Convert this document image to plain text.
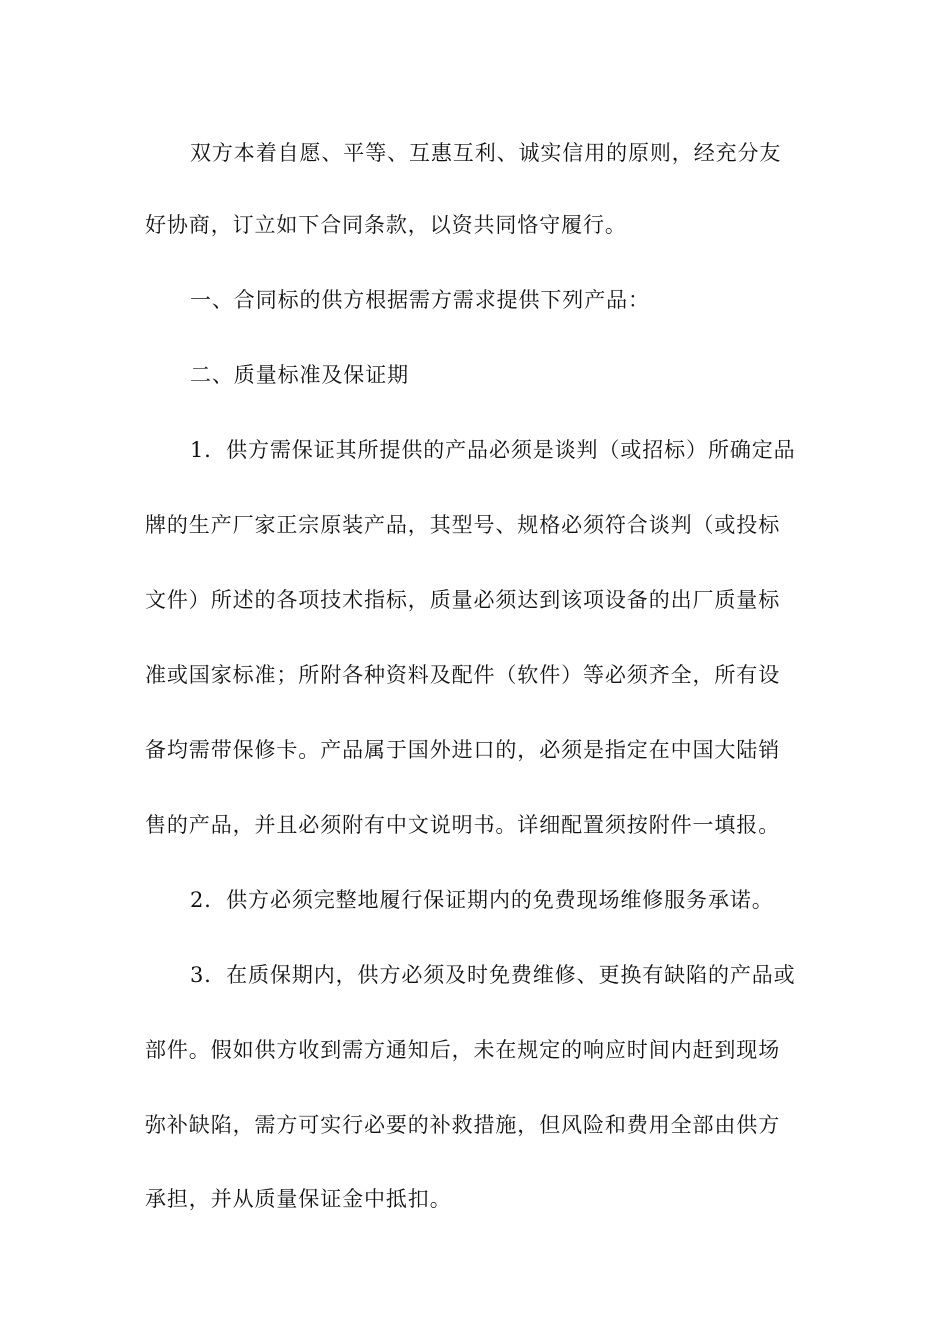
双方本着自愿、平等、互惠互利、诚实信用的原则，经充分友
好协商，订立如下合同条款，以资共同恪守履行。
一、合同标的供方根据需方需求提供下列产品：
二、质量标准及保证期
1．供方需保证其所提供的产品必须是谈判（或招标）所确定品
牌的生产厂家正宗原装产品，其型号、规格必须符合谈判（或投标
文件）所述的各项技术指标，质量必须达到该项设备的出厂质量标
准或国家标准；所附各种资料及配件（软件）等必须齐全，所有设
备均需带保修卡。产品属于国外进口的，必须是指定在中国大陆销
售的产品，并且必须附有中文说明书。详细配置须按附件一填报。
2．供方必须完整地履行保证期内的免费现场维修服务承诺。
3．在质保期内，供方必须及时免费维修、更换有缺陷的产品或
部件。假如供方收到需方通知后，未在规定的响应时间内赶到现场
弥补缺陷，需方可实行必要的补救措施，但风险和费用全部由供方
承担，并从质量保证金中抵扣。
